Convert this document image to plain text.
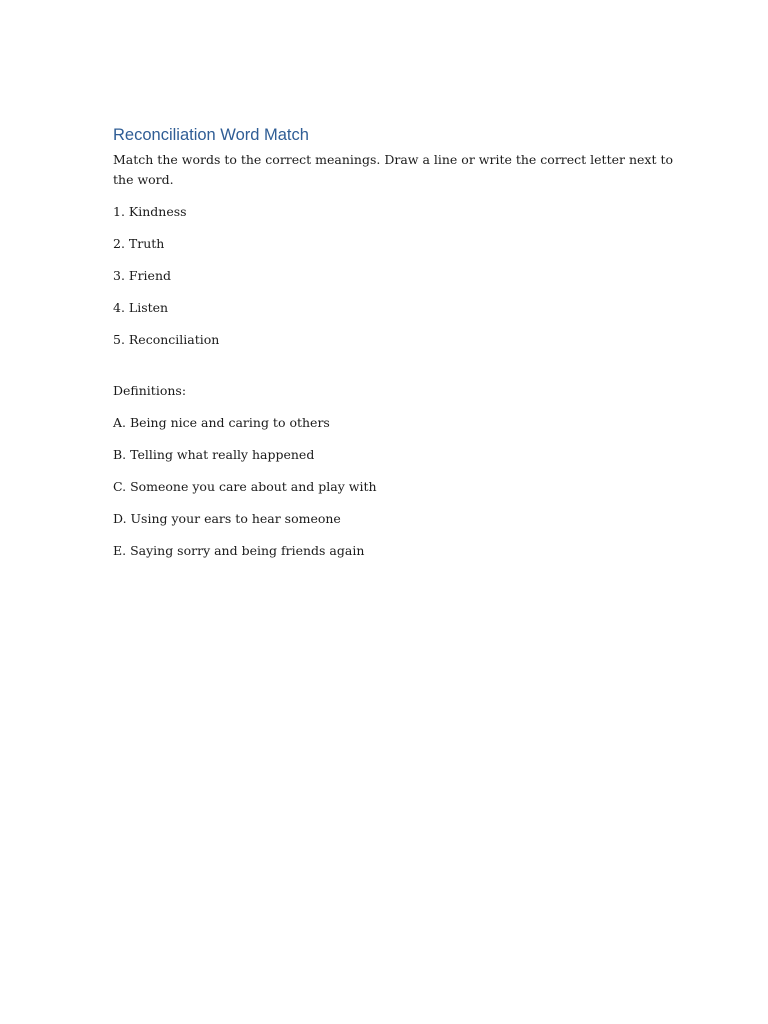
Reconciliation Word Match

Match the words to the correct meanings. Draw a line or write the correct letter next to the word.

1. Kindness
2. Truth
3. Friend
4. Listen
5. Reconciliation

Definitions:

A. Being nice and caring to others
B. Telling what really happened
C. Someone you care about and play with
D. Using your ears to hear someone
E. Saying sorry and being friends again
